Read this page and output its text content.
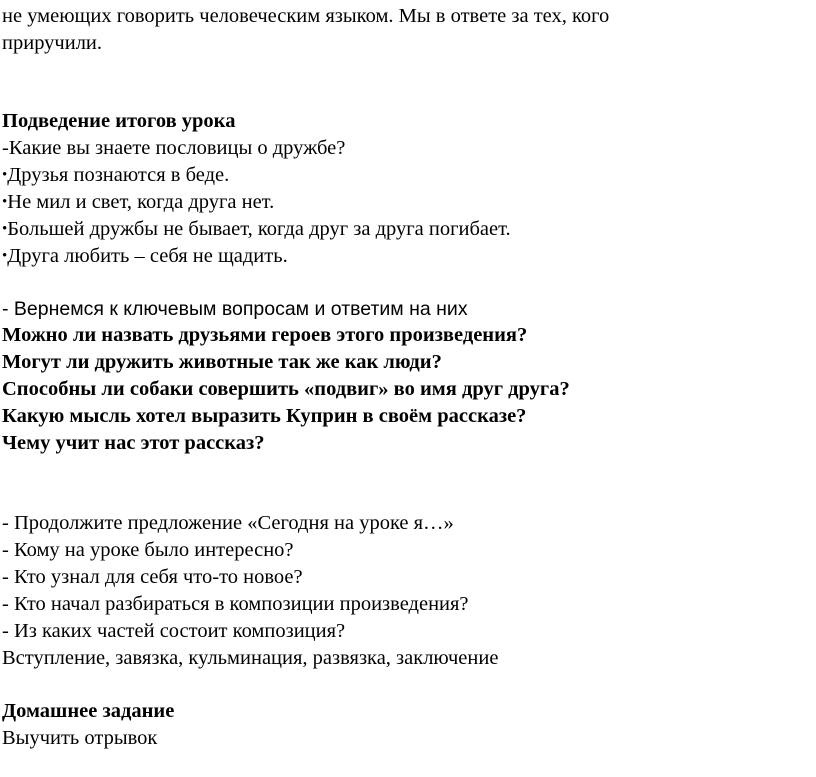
не умеющих говорить человеческим языком. Мы в ответе за тех, кого
приручили.
Подведение итогов урока
-Какие вы знаете пословицы о дружбе?
•Друзья познаются в беде.
•Не мил и свет, когда друга нет.
•Большей дружбы не бывает, когда друг за друга погибает.
•Друга любить – себя не щадить.
- Вернемся к ключевым вопросам и ответим на них
Можно ли назвать друзьями героев этого произведения?
Могут ли дружить животные так же как люди?
Способны ли собаки совершить «подвиг» во имя друг друга?
Какую мысль хотел выразить Куприн в своём рассказе?
Чему учит нас этот рассказ?
- Продолжите предложение «Сегодня на уроке я…»
- Кому на уроке было интересно?
- Кто узнал для себя что-то новое?
- Кто начал разбираться в композиции произведения?
- Из каких частей состоит композиция?
Вступление, завязка, кульминация, развязка, заключение
Домашнее задание
Выучить отрывок
